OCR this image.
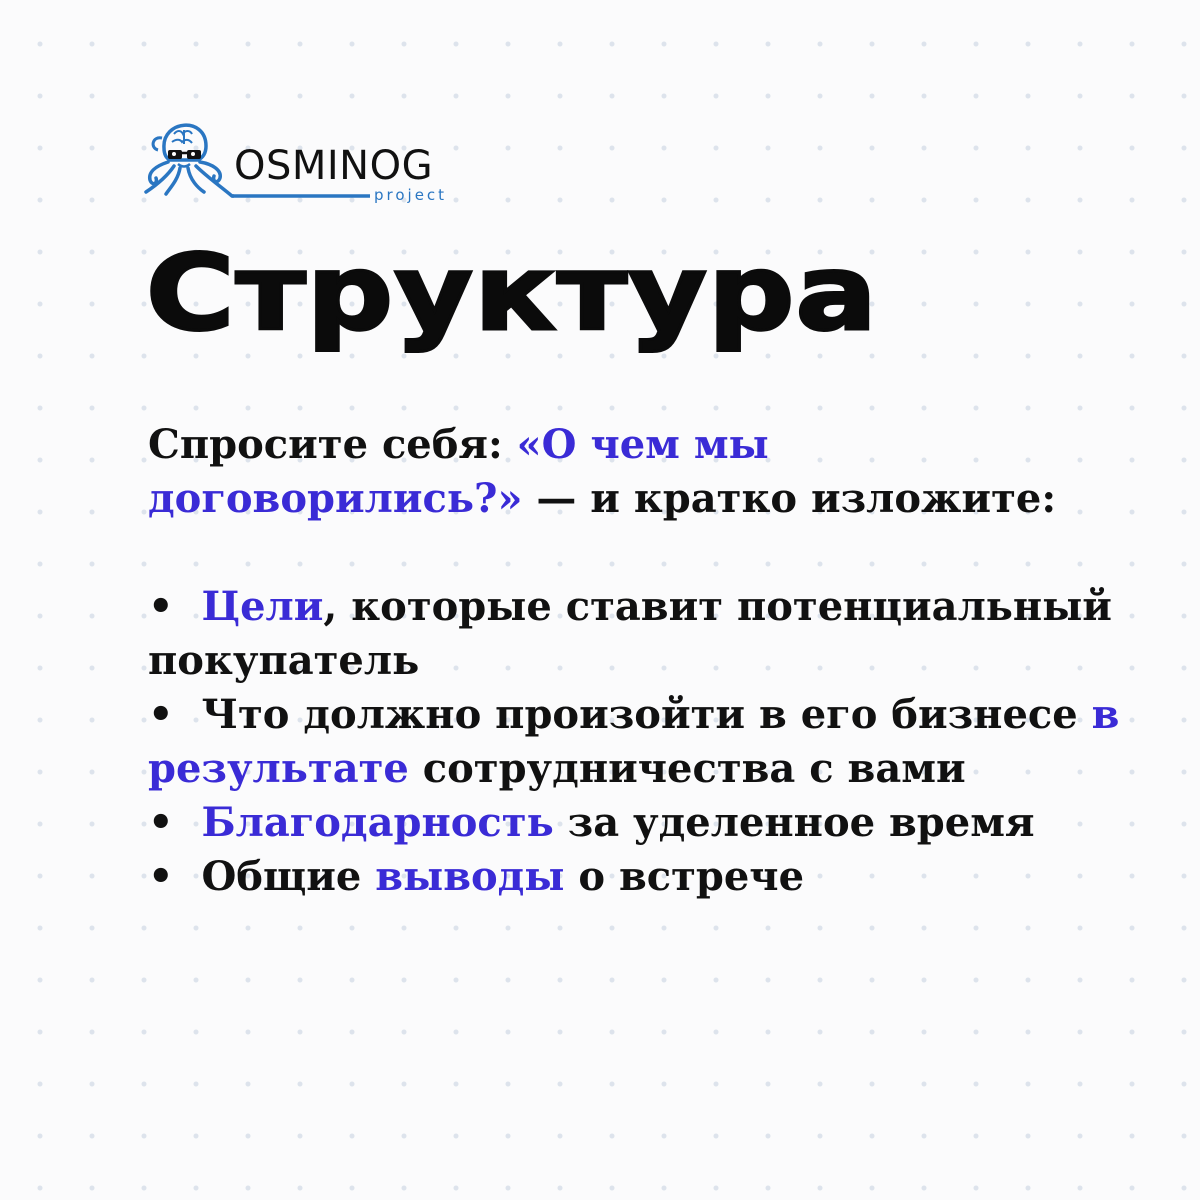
OSMINOG
project
Структура

Спросите себя: «О чем мы договорились?» — и кратко изложите:

• Цели, которые ставит потенциальный покупатель
• Что должно произойти в его бизнесе в результате сотрудничества с вами
• Благодарность за уделенное время
• Общие выводы о встрече
